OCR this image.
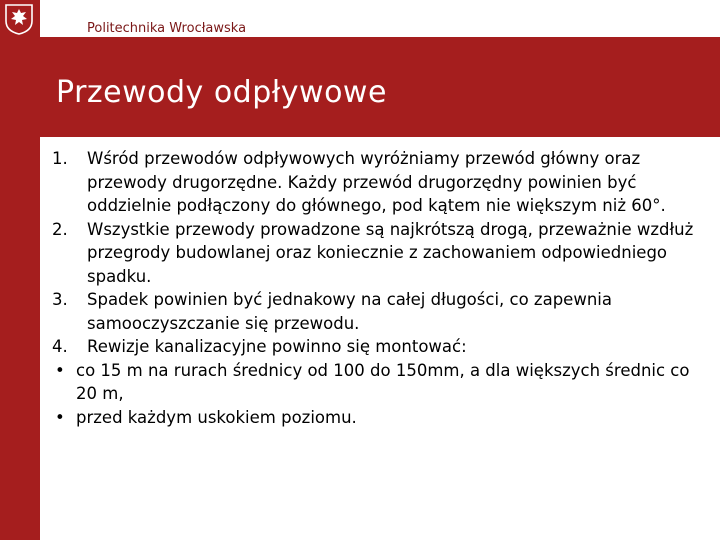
Politechnika Wrocławska
Przewody odpływowe

1. Wśród przewodów odpływowych wyróżniamy przewód główny oraz przewody drugorzędne. Każdy przewód drugorzędny powinien być oddzielnie podłączony do głównego, pod kątem nie większym niż 60°.

2. Wszystkie przewody prowadzone są najkrótszą drogą, przeważnie wzdłuż przegrody budowlanej oraz koniecznie z zachowaniem odpowiedniego spadku.

3. Spadek powinien być jednakowy na całej długości, co zapewnia samooczyszczanie się przewodu.

4. Rewizje kanalizacyjne powinno się montować:

• co 15 m na rurach średnicy od 100 do 150mm, a dla większych średnic co 20 m,

• przed każdym uskokiem poziomu.
